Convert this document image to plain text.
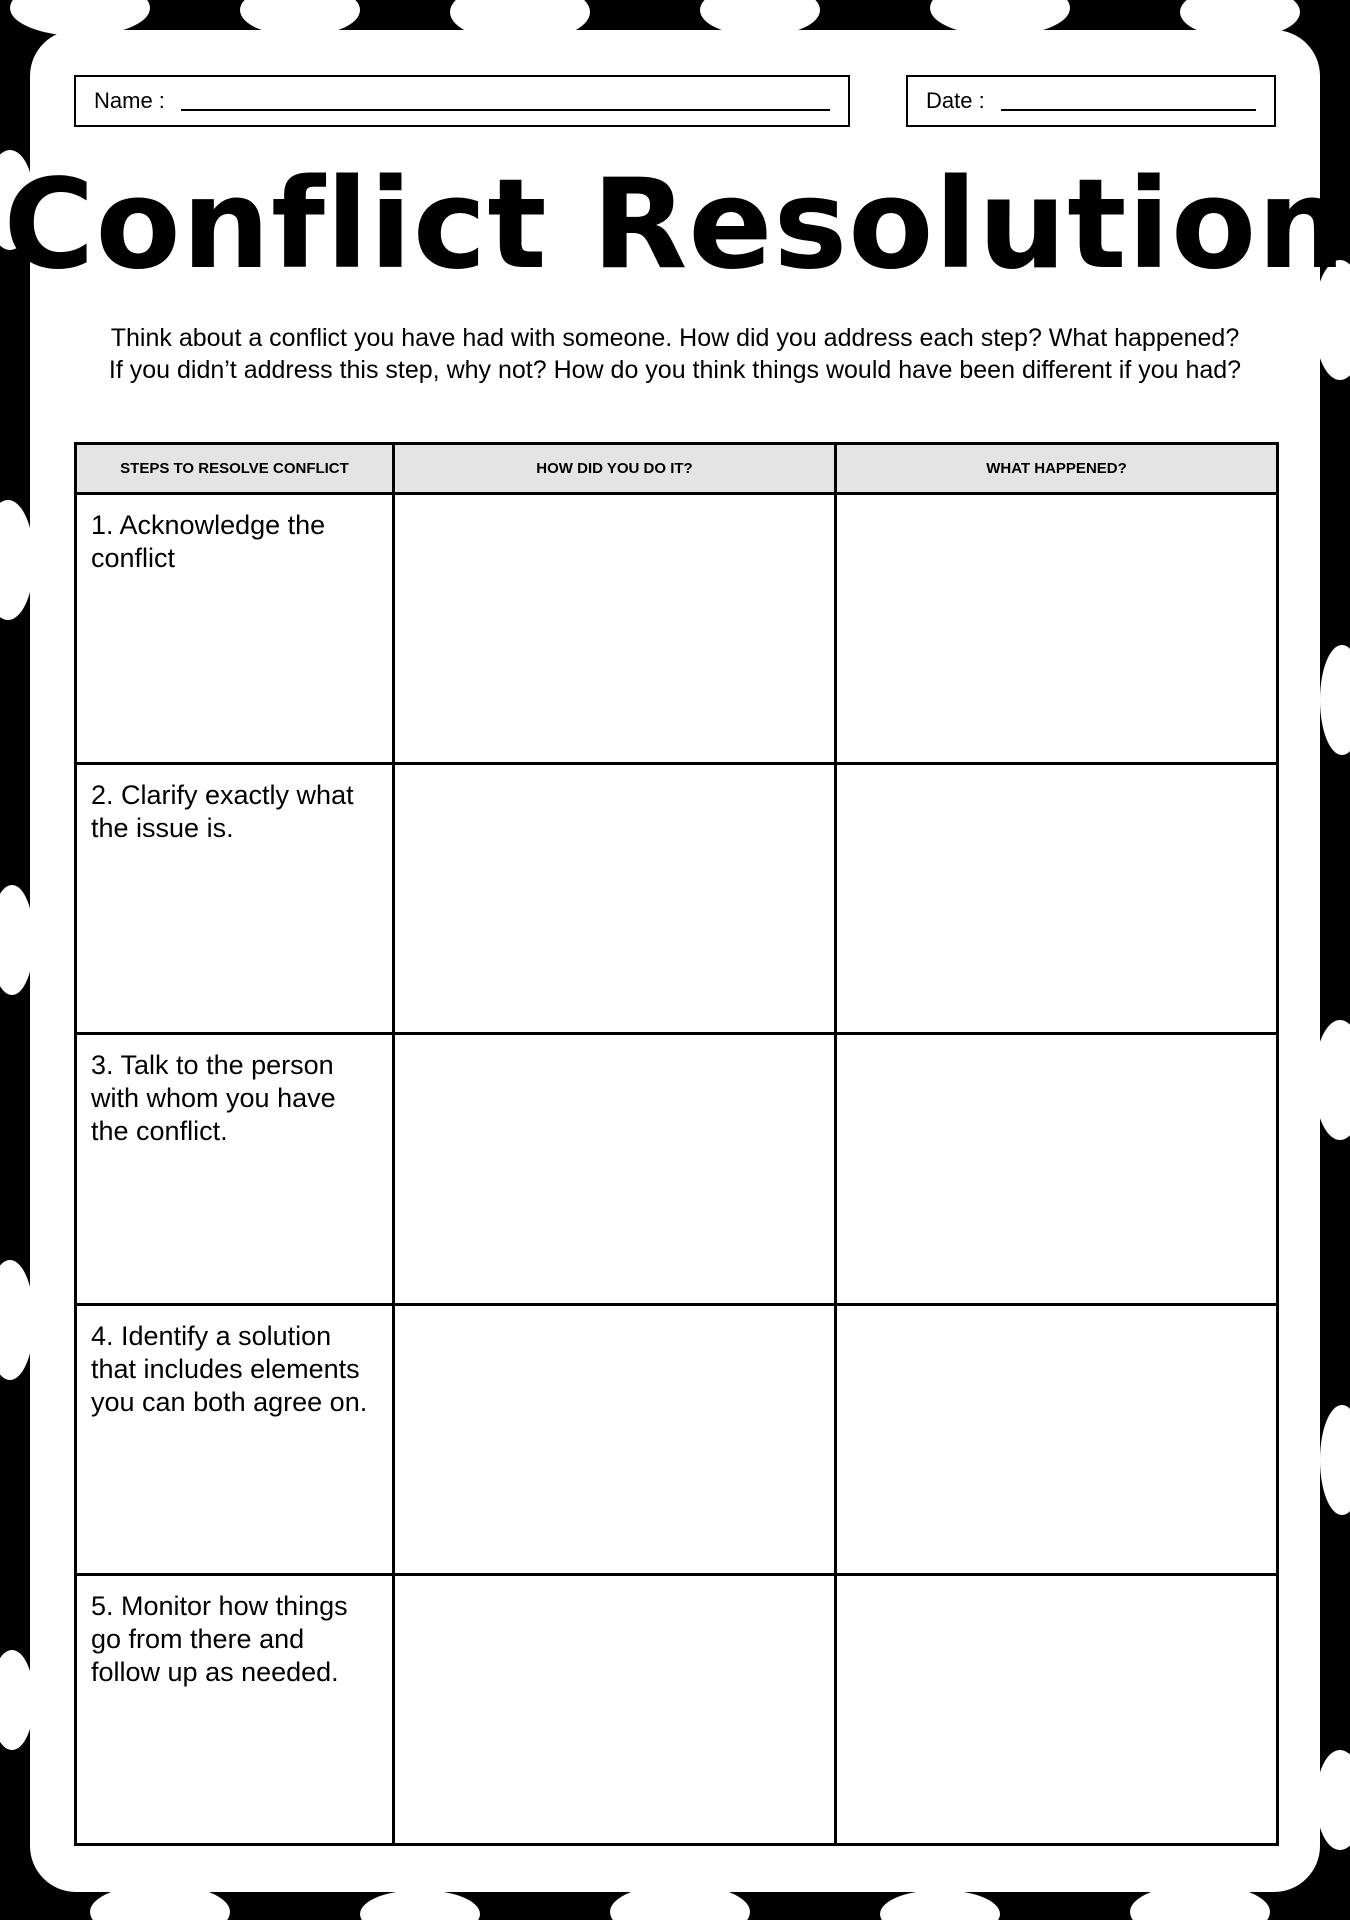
Name :	Date :
Conflict Resolution
Think about a conflict you have had with someone. How did you address each step? What happened?
If you didn’t address this step, why not? How do you think things would have been different if you had?
STEPS TO RESOLVE CONFLICT	HOW DID YOU DO IT?	WHAT HAPPENED?
1. Acknowledge the conflict		
2. Clarify exactly what the issue is.		
3. Talk to the person with whom you have the conflict.		
4. Identify a solution that includes elements you can both agree on.		
5. Monitor how things go from there and follow up as needed.		
